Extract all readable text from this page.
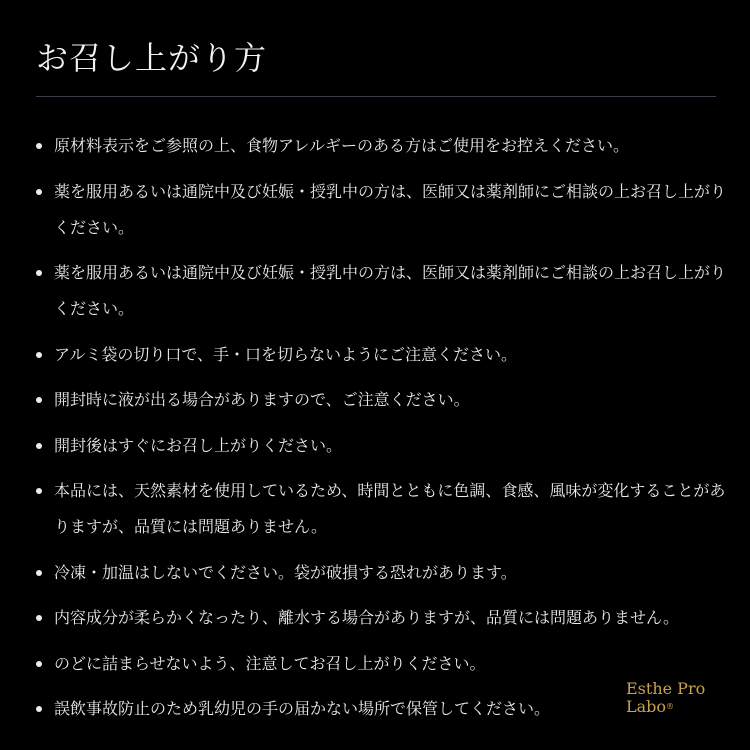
お召し上がり方
原材料表示をご参照の上、食物アレルギーのある方はご使用をお控えください。
薬を服用あるいは通院中及び妊娠・授乳中の方は、医師又は薬剤師にご相談の上お召し上がりください。
薬を服用あるいは通院中及び妊娠・授乳中の方は、医師又は薬剤師にご相談の上お召し上がりください。
アルミ袋の切り口で、手・口を切らないようにご注意ください。
開封時に液が出る場合がありますので、ご注意ください。
開封後はすぐにお召し上がりください。
本品には、天然素材を使用しているため、時間とともに色調、食感、風味が変化することがありますが、品質には問題ありません。
冷凍・加温はしないでください。袋が破損する恐れがあります。
内容成分が柔らかくなったり、離水する場合がありますが、品質には問題ありません。
のどに詰まらせないよう、注意してお召し上がりください。
誤飲事故防止のため乳幼児の手の届かない場所で保管してください。
Esthe Pro
Labo®
